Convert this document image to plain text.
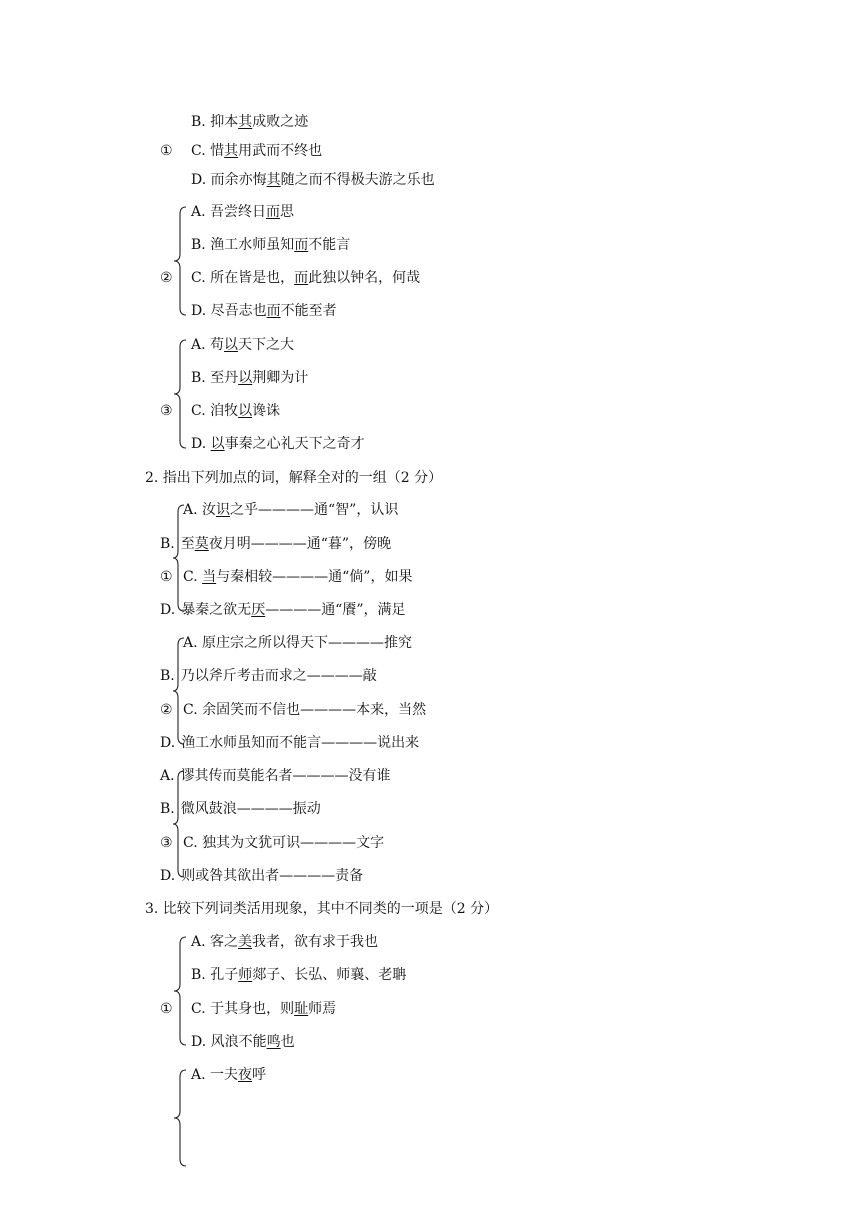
B. 抑本其成败之迹
① C. 惜其用武而不终也
D. 而余亦悔其随之而不得极夫游之乐也
A. 吾尝终日而思
B. 渔工水师虽知而不能言
② C. 所在皆是也，而此独以钟名，何哉
D. 尽吾志也而不能至者
A. 苟以天下之大
B. 至丹以荆卿为计
③ C. 洎牧以谗诛
D. 以事秦之心礼天下之奇才
2. 指出下列加点的词，解释全对的一组（2 分）
A. 汝识之乎————通“智”，认识
B. 至莫夜月明————通“暮”，傍晚
① C. 当与秦相较————通“倘”，如果
D. 暴秦之欲无厌————通“餍”，满足
A. 原庄宗之所以得天下————推究
B. 乃以斧斤考击而求之————敲
② C. 余固笑而不信也————本来，当然
D. 渔工水师虽知而不能言————说出来
A. 谬其传而莫能名者————没有谁
B. 微风鼓浪————振动
③ C. 独其为文犹可识————文字
D. 则或咎其欲出者————责备
3. 比较下列词类活用现象，其中不同类的一项是（2 分）
A. 客之美我者，欲有求于我也
B. 孔子师郯子、长弘、师襄、老聃
① C. 于其身也，则耻师焉
D. 风浪不能鸣也
A. 一夫夜呼
